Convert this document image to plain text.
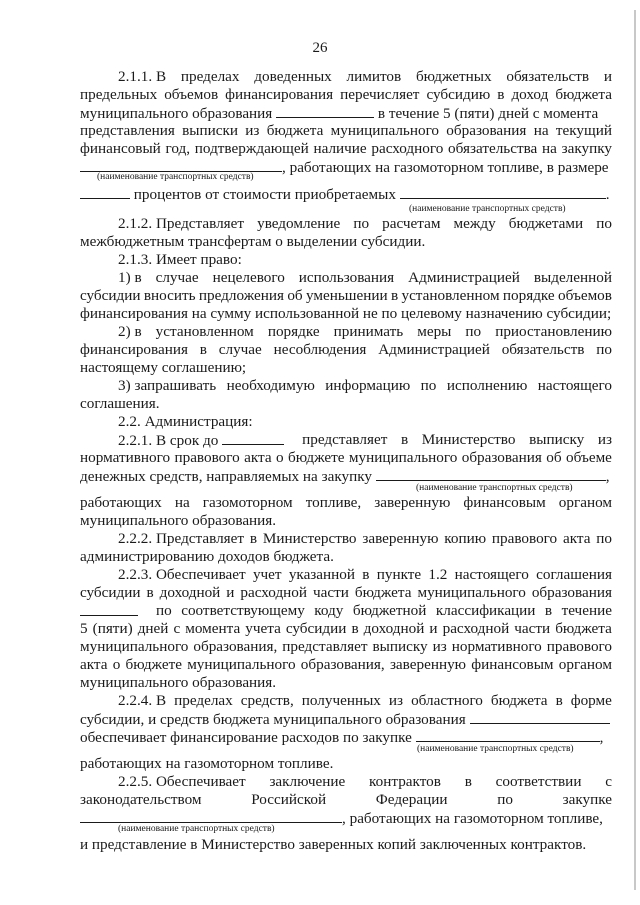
26
2.1.1. В пределах доведенных лимитов бюджетных обязательств и
предельных объемов финансирования перечисляет субсидию в доход бюджета
муниципального образования	в течение 5 (пяти) дней с момента
представления выписки из бюджета муниципального образования на текущий
финансовый год, подтверждающей наличие расходного обязательства на закупку
, работающих на газомоторном топливе, в размере
(наименование транспортных средств)
процентов от стоимости приобретаемых	.
(наименование транспортных средств)
2.1.2. Представляет уведомление по расчетам между бюджетами по
межбюджетным трансфертам о выделении субсидии.
2.1.3. Имеет право:
1) в случае нецелевого использования Администрацией выделенной
субсидии вносить предложения об уменьшении в установленном порядке объемов
финансирования на сумму использованной не по целевому назначению субсидии;
2) в установленном порядке принимать меры по приостановлению
финансирования в случае несоблюдения Администрацией обязательств по
настоящему соглашению;
3) запрашивать необходимую информацию по исполнению настоящего
соглашения.
2.2. Администрация:
2.2.1. В срок до	представляет в Министерство выписку из
нормативного правового акта о бюджете муниципального образования об объеме
денежных средств, направляемых на закупку	,
(наименование транспортных средств)
работающих на газомоторном топливе, заверенную финансовым органом
муниципального образования.
2.2.2. Представляет в Министерство заверенную копию правового акта по
администрированию доходов бюджета.
2.2.3. Обеспечивает учет указанной в пункте 1.2 настоящего соглашения
субсидии в доходной и расходной части бюджета муниципального образования
по соответствующему коду бюджетной классификации в течение
5 (пяти) дней с момента учета субсидии в доходной и расходной части бюджета
муниципального образования, представляет выписку из нормативного правового
акта о бюджете муниципального образования, заверенную финансовым органом
муниципального образования.
2.2.4. В пределах средств, полученных из областного бюджета в форме
субсидии, и средств бюджета муниципального образования
обеспечивает финансирование расходов по закупке	,
(наименование транспортных средств)
работающих на газомоторном топливе.
2.2.5. Обеспечивает заключение контрактов в соответствии с
законодательством	Российской	Федерации	по	закупке
, работающих на газомоторном топливе,
(наименование транспортных средств)
и представление в Министерство заверенных копий заключенных контрактов.
